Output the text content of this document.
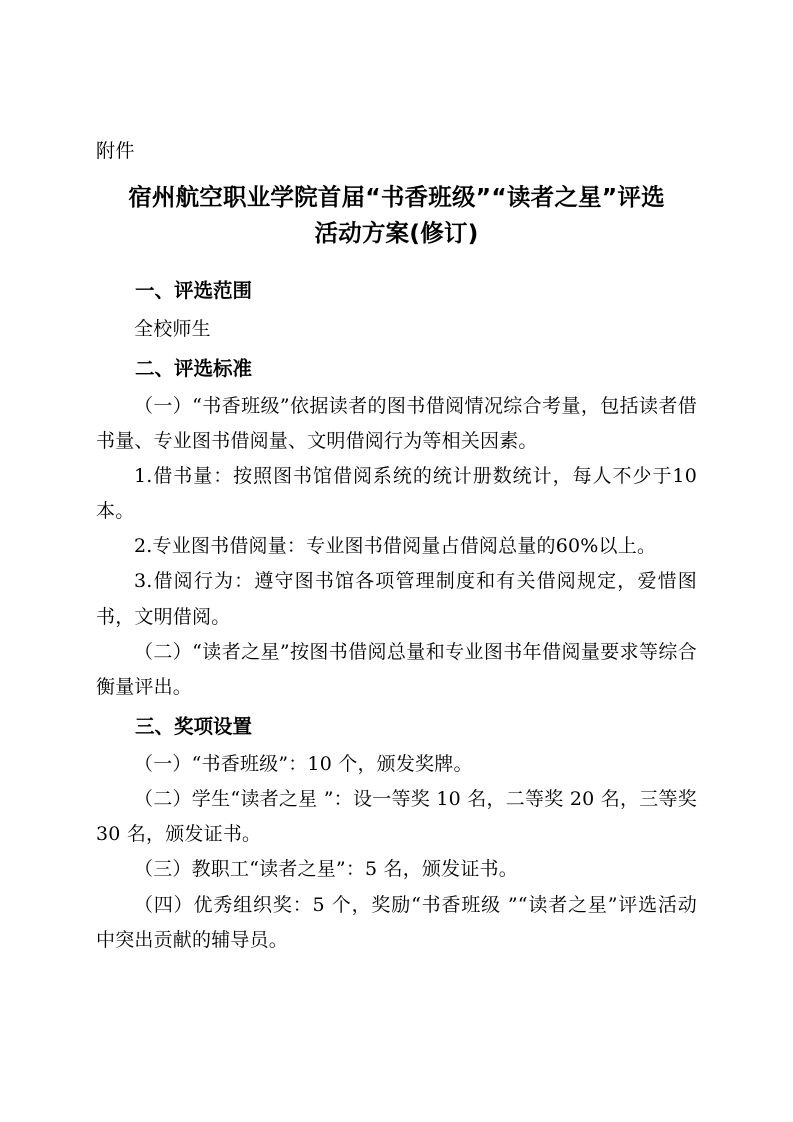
附件
宿州航空职业学院首届“书香班级”“读者之星”评选
活动方案(修订)
一、评选范围

全校师生

二、评选标准

（一）“书香班级”依据读者的图书借阅情况综合考量，包括读者借书量、专业图书借阅量、文明借阅行为等相关因素。

1.借书量：按照图书馆借阅系统的统计册数统计，每人不少于10本。

2.专业图书借阅量：专业图书借阅量占借阅总量的60%以上。

3.借阅行为：遵守图书馆各项管理制度和有关借阅规定，爱惜图书，文明借阅。

（二）“读者之星”按图书借阅总量和专业图书年借阅量要求等综合衡量评出。

三、奖项设置

（一）“书香班级”：10 个，颁发奖牌。

（二）学生“读者之星 ”：设一等奖 10 名，二等奖 20 名，三等奖 30 名，颁发证书。

（三）教职工“读者之星”：5 名，颁发证书。

（四）优秀组织奖：5 个，奖励“书香班级 ”“读者之星”评选活动中突出贡献的辅导员。
